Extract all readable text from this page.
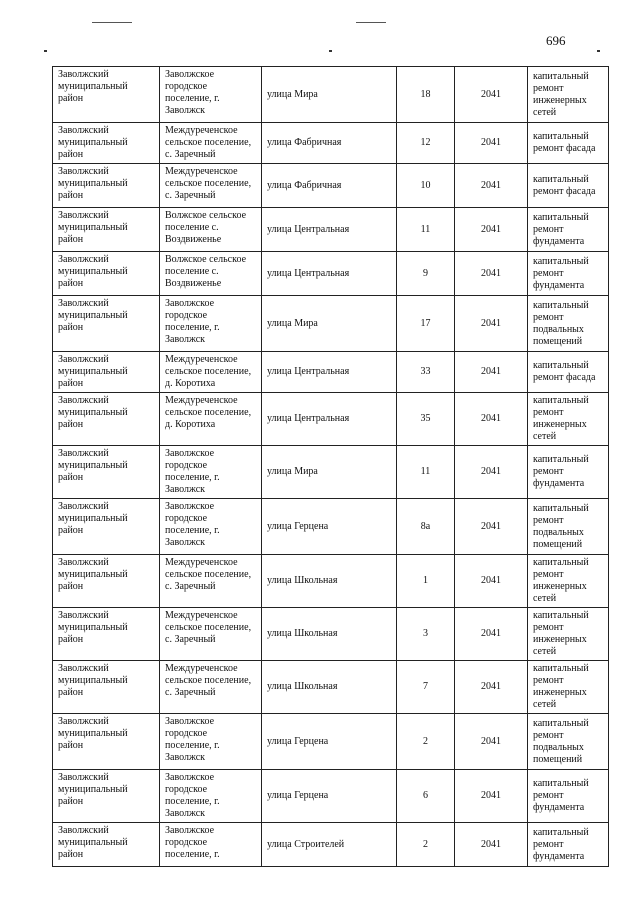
696
Заволжский муниципальный район	Заволжское городское поселение, г. Заволжск	улица Мира	18	2041	капитальный ремонт инженерных сетей
Заволжский муниципальный район	Междуреченское сельское поселение, с. Заречный	улица Фабричная	12	2041	капитальный ремонт фасада
Заволжский муниципальный район	Междуреченское сельское поселение, с. Заречный	улица Фабричная	10	2041	капитальный ремонт фасада
Заволжский муниципальный район	Волжское сельское поселение с. Воздвиженье	улица Центральная	11	2041	капитальный ремонт фундамента
Заволжский муниципальный район	Волжское сельское поселение с. Воздвиженье	улица Центральная	9	2041	капитальный ремонт фундамента
Заволжский муниципальный район	Заволжское городское поселение, г. Заволжск	улица Мира	17	2041	капитальный ремонт подвальных помещений
Заволжский муниципальный район	Междуреченское сельское поселение, д. Коротиха	улица Центральная	33	2041	капитальный ремонт фасада
Заволжский муниципальный район	Междуреченское сельское поселение, д. Коротиха	улица Центральная	35	2041	капитальный ремонт инженерных сетей
Заволжский муниципальный район	Заволжское городское поселение, г. Заволжск	улица Мира	11	2041	капитальный ремонт фундамента
Заволжский муниципальный район	Заволжское городское поселение, г. Заволжск	улица Герцена	8а	2041	капитальный ремонт подвальных помещений
Заволжский муниципальный район	Междуреченское сельское поселение, с. Заречный	улица Школьная	1	2041	капитальный ремонт инженерных сетей
Заволжский муниципальный район	Междуреченское сельское поселение, с. Заречный	улица Школьная	3	2041	капитальный ремонт инженерных сетей
Заволжский муниципальный район	Междуреченское сельское поселение, с. Заречный	улица Школьная	7	2041	капитальный ремонт инженерных сетей
Заволжский муниципальный район	Заволжское городское поселение, г. Заволжск	улица Герцена	2	2041	капитальный ремонт подвальных помещений
Заволжский муниципальный район	Заволжское городское поселение, г. Заволжск	улица Герцена	6	2041	капитальный ремонт фундамента
Заволжский муниципальный район	Заволжское городское поселение, г.	улица Строителей	2	2041	капитальный ремонт фундамента
